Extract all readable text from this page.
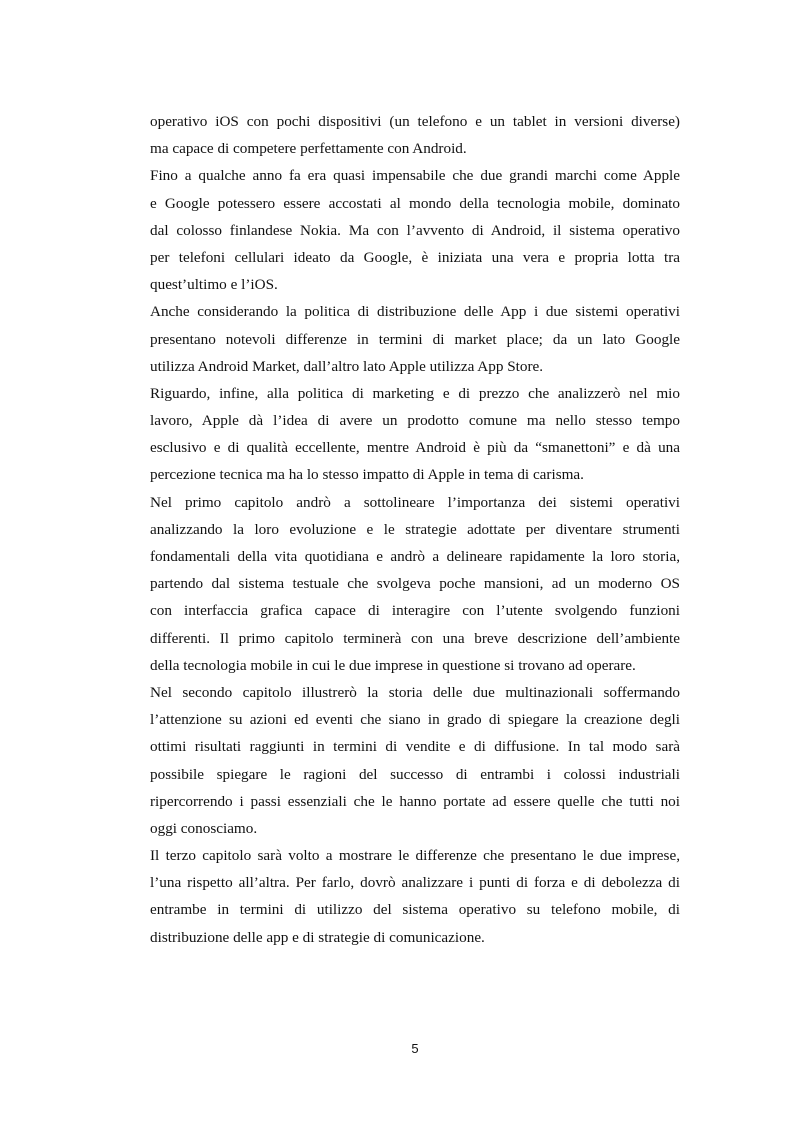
operativo iOS con pochi dispositivi (un telefono e un tablet in versioni diverse)
ma capace di competere perfettamente con Android.
Fino a qualche anno fa era quasi impensabile che due grandi marchi come Apple
e Google potessero essere accostati al mondo della tecnologia mobile, dominato
dal colosso finlandese Nokia. Ma con l’avvento di Android, il sistema operativo
per telefoni cellulari ideato da Google, è iniziata una vera e propria lotta tra
quest’ultimo e l’iOS.
Anche considerando la politica di distribuzione delle App i due sistemi operativi
presentano notevoli differenze in termini di market place; da un lato Google
utilizza Android Market, dall’altro lato Apple utilizza App Store.
Riguardo, infine, alla politica di marketing e di prezzo che analizzerò nel mio
lavoro, Apple dà l’idea di avere un prodotto comune ma nello stesso tempo
esclusivo e di qualità eccellente, mentre Android è più da “smanettoni” e dà una
percezione tecnica ma ha lo stesso impatto di Apple in tema di carisma.
Nel primo capitolo andrò a sottolineare l’importanza dei sistemi operativi
analizzando la loro evoluzione e le strategie adottate per diventare strumenti
fondamentali della vita quotidiana e andrò a delineare rapidamente la loro storia,
partendo dal sistema testuale che svolgeva poche mansioni, ad un moderno OS
con interfaccia grafica capace di interagire con l’utente svolgendo funzioni
differenti. Il primo capitolo terminerà con una breve descrizione dell’ambiente
della tecnologia mobile in cui le due imprese in questione si trovano ad operare.
Nel secondo capitolo illustrerò la storia delle due multinazionali soffermando
l’attenzione su azioni ed eventi che siano in grado di spiegare la creazione degli
ottimi risultati raggiunti in termini di vendite e di diffusione. In tal modo sarà
possibile spiegare le ragioni del successo di entrambi i colossi industriali
ripercorrendo i passi essenziali che le hanno portate ad essere quelle che tutti noi
oggi conosciamo.
Il terzo capitolo sarà volto a mostrare le differenze che presentano le due imprese,
l’una rispetto all’altra. Per farlo, dovrò analizzare i punti di forza e di debolezza di
entrambe in termini di utilizzo del sistema operativo su telefono mobile, di
distribuzione delle app e di strategie di comunicazione.
5
